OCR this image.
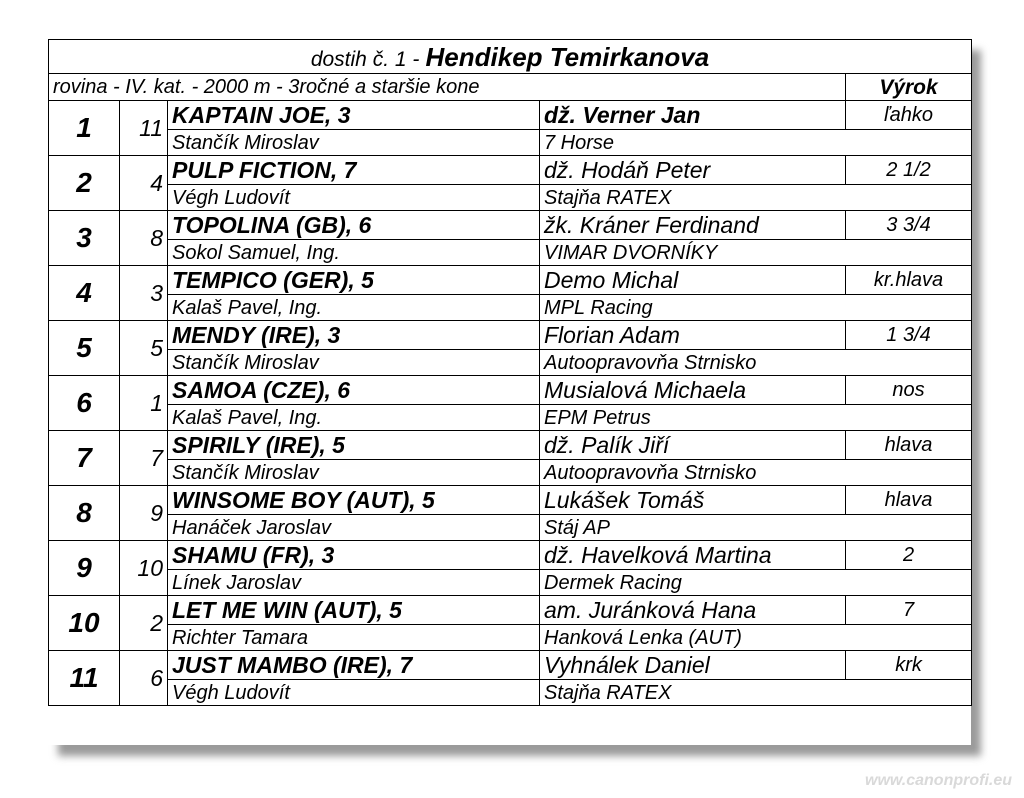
dostih č. 1 - Hendikep Temirkanova				
rovina - IV. kat. - 2000 m - 3ročné a staršie kone				Výrok
1	11	KAPTAIN JOE, 3	dž. Verner Jan	ľahko
		Stančík Miroslav	7 Horse	
2	4	PULP FICTION, 7	dž. Hodáň Peter	2 1/2
		Végh Ludovít	Stajňa RATEX	
3	8	TOPOLINA (GB), 6	žk. Kráner Ferdinand	3 3/4
		Sokol Samuel, Ing.	VIMAR DVORNÍKY	
4	3	TEMPICO (GER), 5	Demo Michal	kr.hlava
		Kalaš Pavel, Ing.	MPL Racing	
5	5	MENDY (IRE), 3	Florian Adam	1 3/4
		Stančík Miroslav	Autoopravovňa Strnisko	
6	1	SAMOA (CZE), 6	Musialová Michaela	nos
		Kalaš Pavel, Ing.	EPM Petrus	
7	7	SPIRILY (IRE), 5	dž. Palík Jiří	hlava
		Stančík Miroslav	Autoopravovňa Strnisko	
8	9	WINSOME BOY (AUT), 5	Lukášek Tomáš	hlava
		Hanáček Jaroslav	Stáj AP	
9	10	SHAMU (FR), 3	dž. Havelková Martina	2
		Línek Jaroslav	Dermek Racing	
10	2	LET ME WIN (AUT), 5	am. Juránková Hana	7
		Richter Tamara	Hanková Lenka (AUT)	
11	6	JUST MAMBO (IRE), 7	Vyhnálek Daniel	krk
		Végh Ludovít	Stajňa RATEX	
www.canonprofi.eu
